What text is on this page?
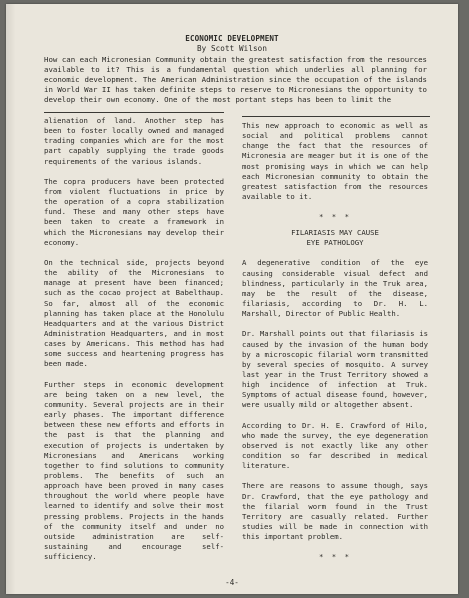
ECONOMIC DEVELOPMENT
By Scott Wilson

How can each Micronesian Community obtain the greatest satisfaction from the resources available to it? This is a fundamental question which underlies all planning for economic development. The American Administration since the occupation of the islands in World War II has taken definite steps to reserve to Micronesians the opportunity to develop their own economy. One of the most portant steps has been to limit the

alienation of land. Another step has been to foster locally owned and managed trading companies which are for the most part capably supplying the trade goods requirements of the various islands.

The copra producers have been protected from violent fluctuations in price by the operation of a copra stabilization fund. These and many other steps have been taken to create a framework in which the Micronesians may develop their economy.

On the technical side, projects beyond the ability of the Micronesians to manage at present have been financed; such as the cocao project at Babelthaup. So far, almost all of the economic planning has taken place at the Honolulu Headquarters and at the various District Administration Headquarters, and in most cases by Americans. This method has had some success and heartening progress has been made.

Further steps in economic development are being taken on a new level, the community. Several projects are in their early phases. The important difference between these new efforts and efforts in the past is that the planning and execution of projects is undertaken by Micronesians and Americans working together to find solutions to community problems. The benefits of such an approach have been proved in many cases throughout the world where people have learned to identify and solve their most pressing problems. Projects in the hands of the community itself and under no outside administration are self-sustaining and encourage self-sufficiency.

This new approach to economic as well as social and political problems cannot change the fact that the resources of Micronesia are meager but it is one of the most promising ways in which we can help each Micronesian community to obtain the greatest satisfaction from the resources available to it.

* * *
FILARIASIS MAY CAUSE
EYE PATHOLOGY

A degenerative condition of the eye causing considerable visual defect and blindness, particularly in the Truk area, may be the result of the disease, filariasis, according to Dr. H. L. Marshall, Director of Public Health.

Dr. Marshall points out that filariasis is caused by the invasion of the human body by a microscopic filarial worm transmitted by several species of mosquito. A survey last year in the Trust Territory showed a high incidence of infection at Truk. Symptoms of actual disease found, however, were usually mild or altogether absent.

According to Dr. H. E. Crawford of Hilo, who made the survey, the eye degeneration observed is not exactly like any other condition so far described in medical literature.

There are reasons to assume though, says Dr. Crawford, that the eye pathology and the filarial worm found in the Trust Territory are casually related. Further studies will be made in connection with this important problem.

* * *
-4-
